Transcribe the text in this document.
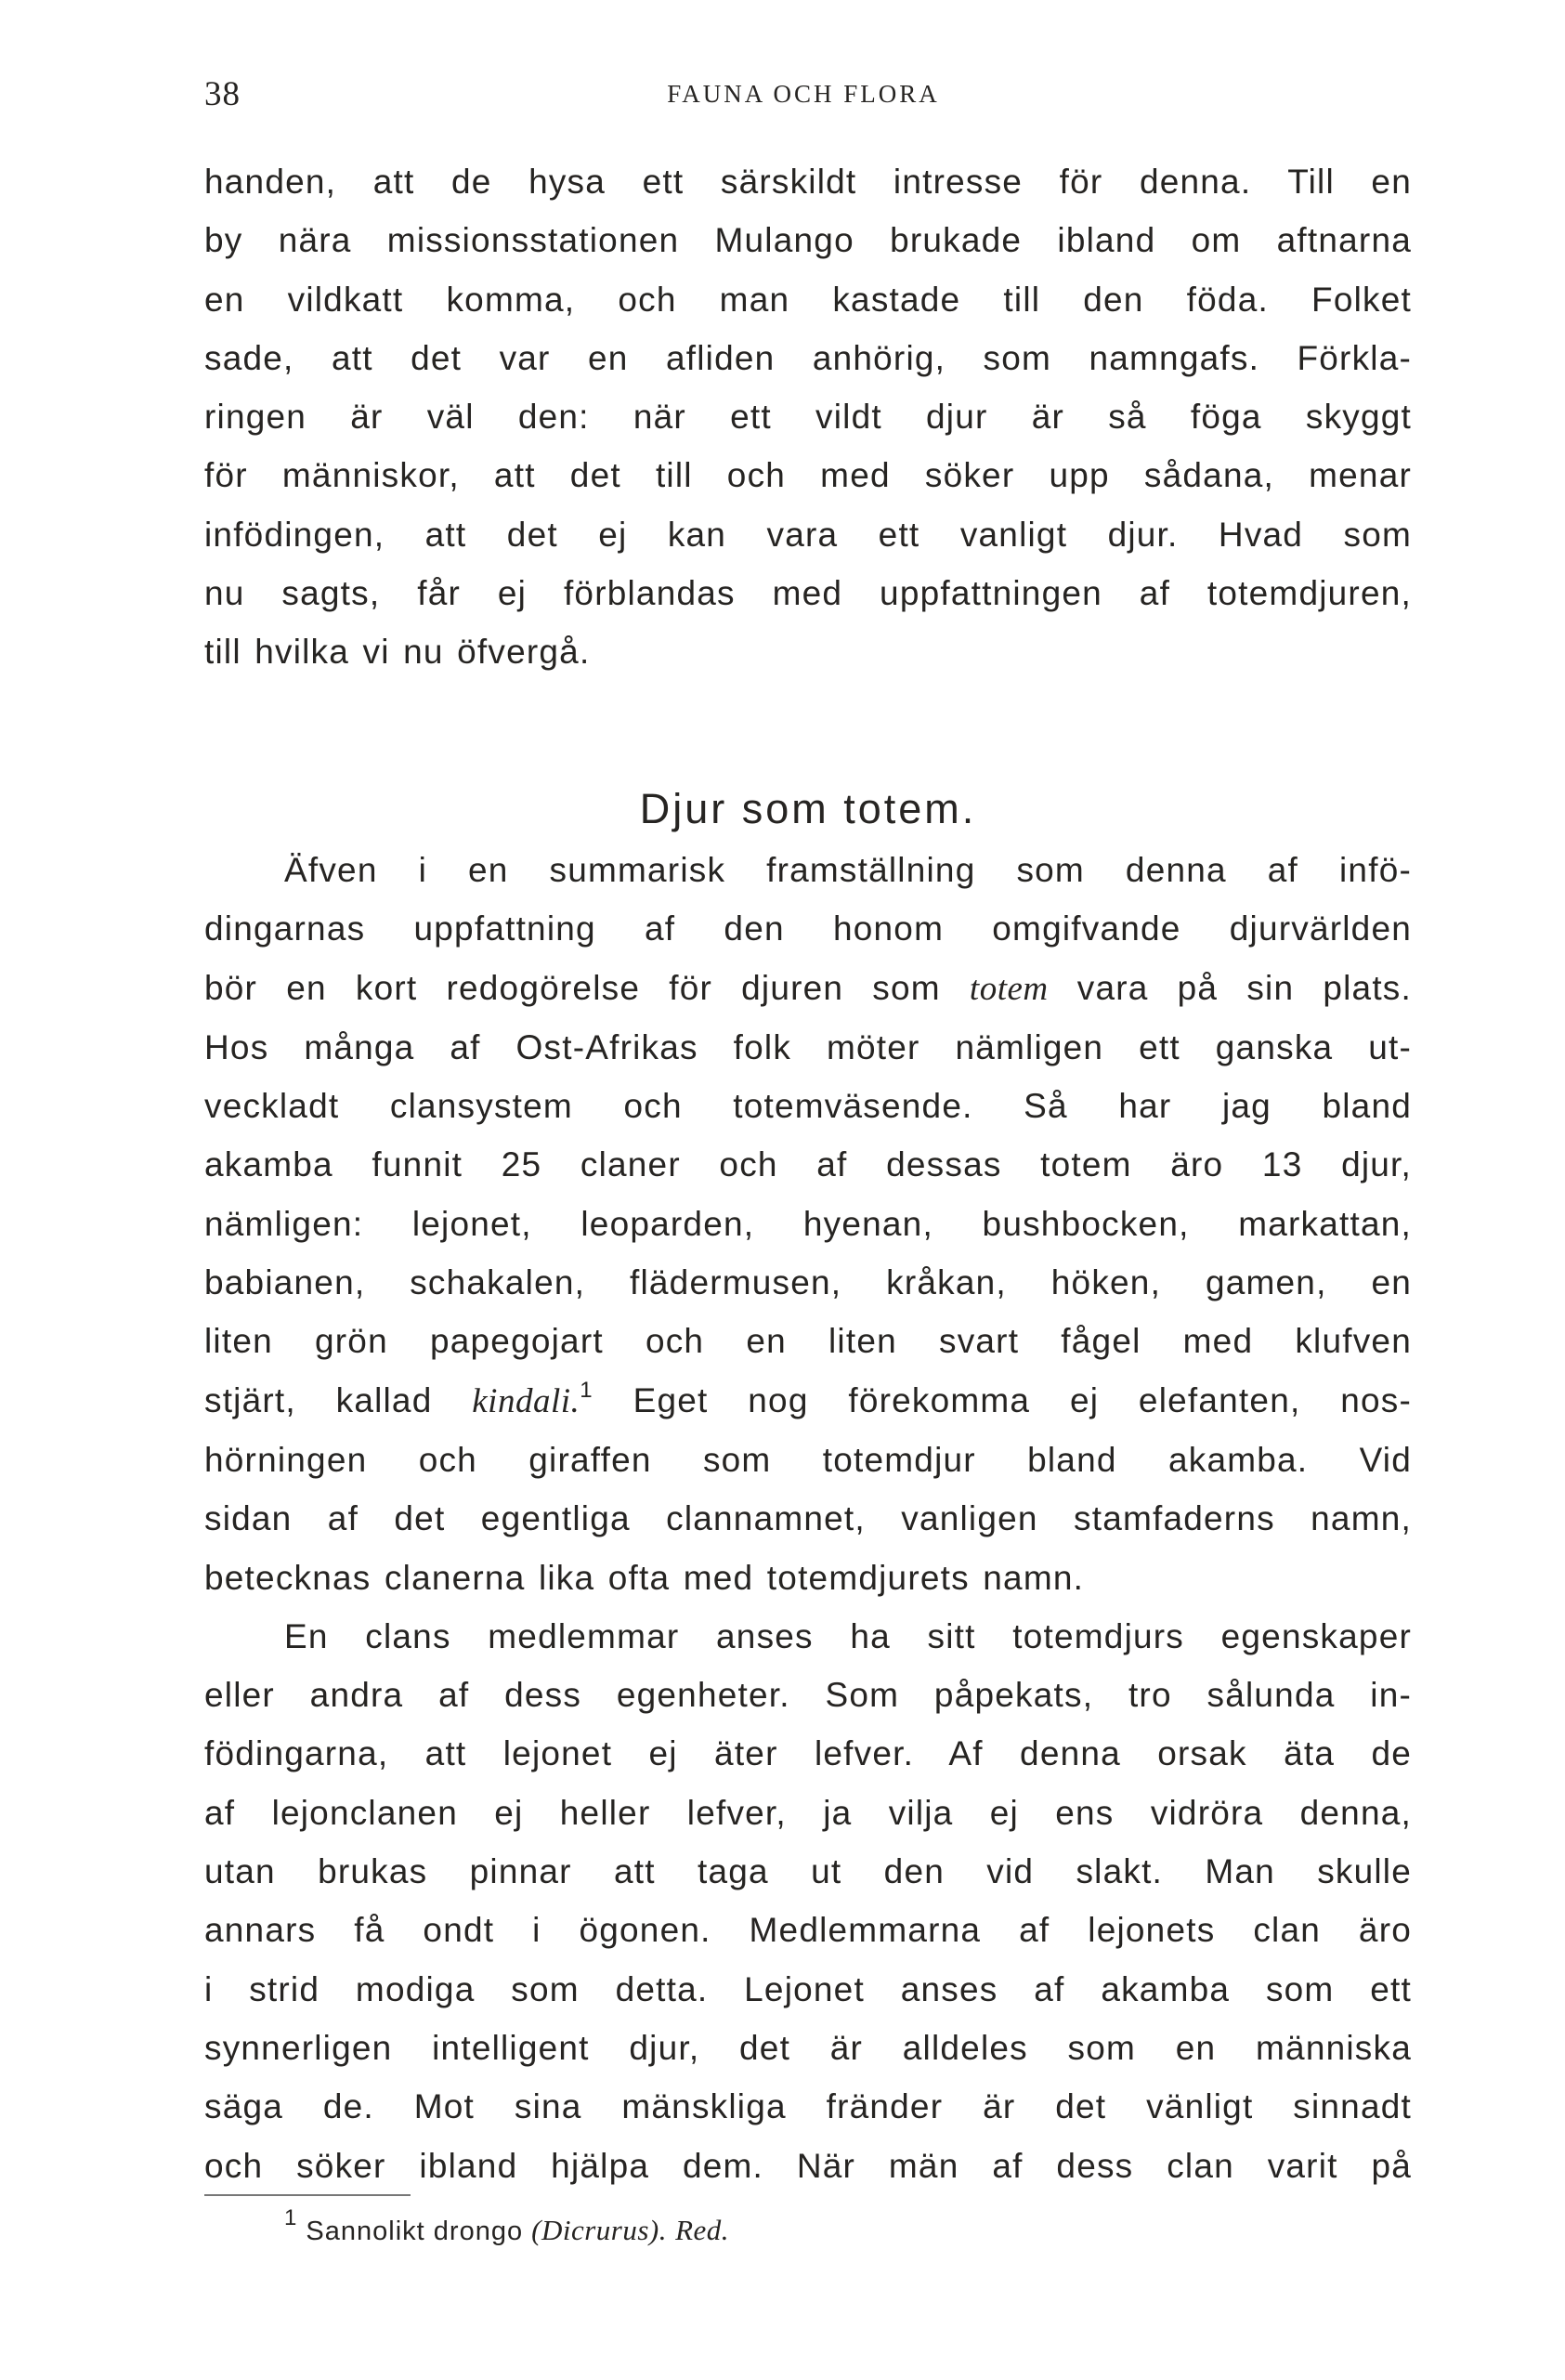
38	FAUNA OCH FLORA
handen, att de hysa ett särskildt intresse för denna. Till en
by nära missionsstationen Mulango brukade ibland om aftnarna
en vildkatt komma, och man kastade till den föda. Folket
sade, att det var en afliden anhörig, som namngafs. Förkla-
ringen är väl den: när ett vildt djur är så föga skyggt
för människor, att det till och med söker upp sådana, menar
infödingen, att det ej kan vara ett vanligt djur. Hvad som
nu sagts, får ej förblandas med uppfattningen af totemdjuren,
till hvilka vi nu öfvergå.
Djur som totem.
Äfven i en summarisk framställning som denna af infö-
dingarnas uppfattning af den honom omgifvande djurvärlden
bör en kort redogörelse för djuren som totem vara på sin plats.
Hos många af Ost-Afrikas folk möter nämligen ett ganska ut-
veckladt clansystem och totemväsende. Så har jag bland
akamba funnit 25 claner och af dessas totem äro 13 djur,
nämligen: lejonet, leoparden, hyenan, bushbocken, markattan,
babianen, schakalen, flädermusen, kråkan, höken, gamen, en
liten grön papegojart och en liten svart fågel med klufven
stjärt, kallad kindali.$^1$ Eget nog förekomma ej elefanten, nos-
hörningen och giraffen som totemdjur bland akamba. Vid
sidan af det egentliga clannamnet, vanligen stamfaderns namn,
betecknas clanerna lika ofta med totemdjurets namn.
En clans medlemmar anses ha sitt totemdjurs egenskaper
eller andra af dess egenheter. Som påpekats, tro sålunda in-
födingarna, att lejonet ej äter lefver. Af denna orsak äta de
af lejonclanen ej heller lefver, ja vilja ej ens vidröra denna,
utan brukas pinnar att taga ut den vid slakt. Man skulle
annars få ondt i ögonen. Medlemmarna af lejonets clan äro
i strid modiga som detta. Lejonet anses af akamba som ett
synnerligen intelligent djur, det är alldeles som en människa
säga de. Mot sina mänskliga fränder är det vänligt sinnadt
och söker ibland hjälpa dem. När män af dess clan varit på
$^1$ Sannolikt drongo (Dicrurus). Red.
